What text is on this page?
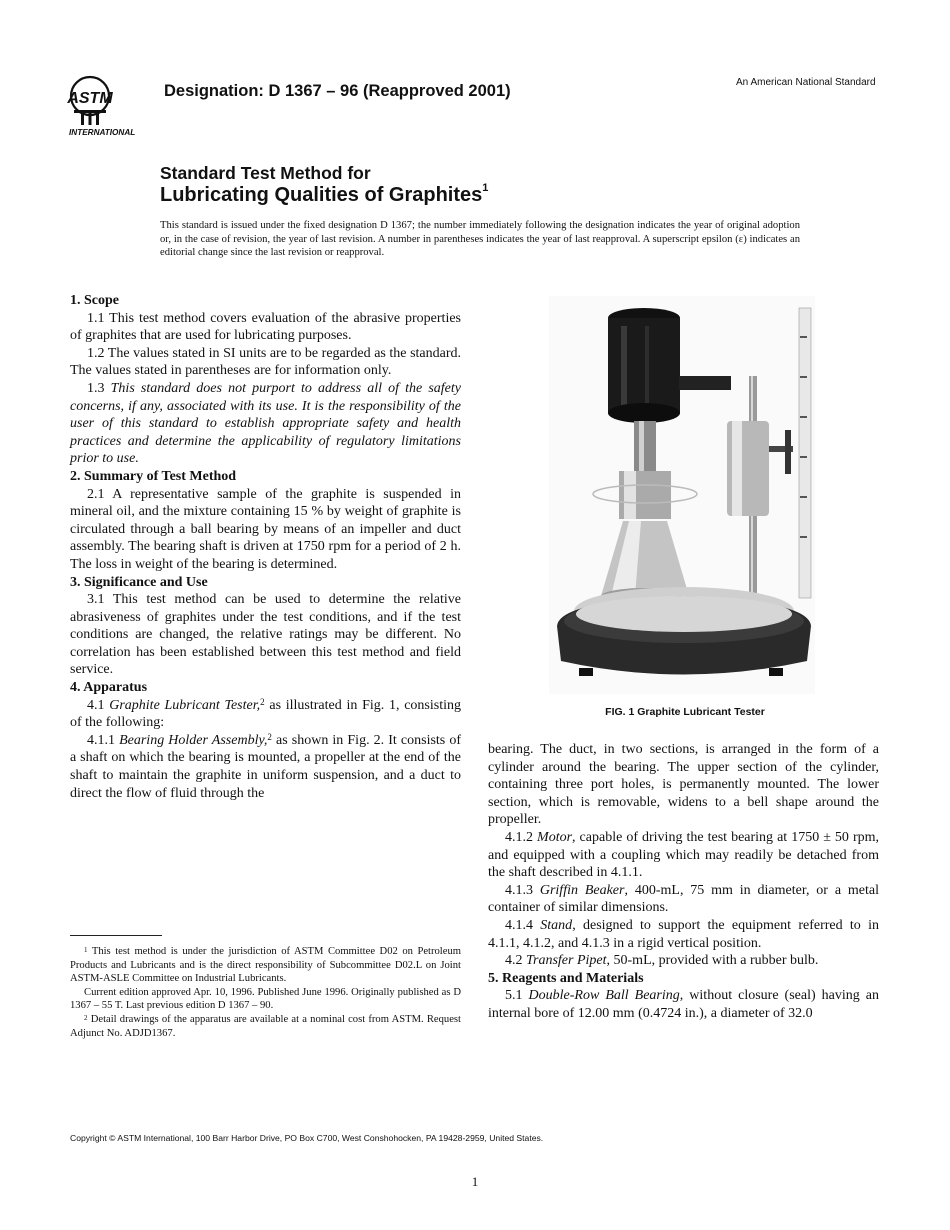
ASTM
INTERNATIONAL
Designation: D 1367 – 96 (Reapproved 2001)	An American National Standard
Standard Test Method for
Lubricating Qualities of Graphites$^1$
This standard is issued under the fixed designation D 1367; the number immediately following the designation indicates the year of original adoption or, in the case of revision, the year of last revision. A number in parentheses indicates the year of last reapproval. A superscript epsilon (ε) indicates an editorial change since the last revision or reapproval.
1. Scope

1.1 This test method covers evaluation of the abrasive properties of graphites that are used for lubricating purposes.

1.2 The values stated in SI units are to be regarded as the standard. The values stated in parentheses are for information only.

1.3 This standard does not purport to address all of the safety concerns, if any, associated with its use. It is the responsibility of the user of this standard to establish appropriate safety and health practices and determine the applicability of regulatory limitations prior to use.

2. Summary of Test Method

2.1 A representative sample of the graphite is suspended in mineral oil, and the mixture containing 15 % by weight of graphite is circulated through a ball bearing by means of an impeller and duct assembly. The bearing shaft is driven at 1750 rpm for a period of 2 h. The loss in weight of the bearing is determined.

3. Significance and Use

3.1 This test method can be used to determine the relative abrasiveness of graphites under the test conditions, and if the test conditions are changed, the relative ratings may be different. No correlation has been established between this test method and field service.

4. Apparatus

4.1 Graphite Lubricant Tester,$^2$ as illustrated in Fig. 1, consisting of the following:

4.1.1 Bearing Holder Assembly,$^2$ as shown in Fig. 2. It consists of a shaft on which the bearing is mounted, a propeller at the end of the shaft to maintain the graphite in uniform suspension, and a duct to direct the flow of fluid through the

FIG. 1 Graphite Lubricant Tester

bearing. The duct, in two sections, is arranged in the form of a cylinder around the bearing. The upper section of the cylinder, containing three port holes, is permanently mounted. The lower section, which is removable, widens to a bell shape around the propeller.

4.1.2 Motor, capable of driving the test bearing at 1750 ± 50 rpm, and equipped with a coupling which may readily be detached from the shaft described in 4.1.1.

4.1.3 Griffin Beaker, 400-mL, 75 mm in diameter, or a metal container of similar dimensions.

4.1.4 Stand, designed to support the equipment referred to in 4.1.1, 4.1.2, and 4.1.3 in a rigid vertical position.

4.2 Transfer Pipet, 50-mL, provided with a rubber bulb.

5. Reagents and Materials

5.1 Double-Row Ball Bearing, without closure (seal) having an internal bore of 12.00 mm (0.4724 in.), a diameter of 32.0

$^1$ This test method is under the jurisdiction of ASTM Committee D02 on Petroleum Products and Lubricants and is the direct responsibility of Subcommittee D02.L on Joint ASTM-ASLE Committee on Industrial Lubricants.

Current edition approved Apr. 10, 1996. Published June 1996. Originally published as D 1367 – 55 T. Last previous edition D 1367 – 90.

$^2$ Detail drawings of the apparatus are available at a nominal cost from ASTM. Request Adjunct No. ADJD1367.

Copyright © ASTM International, 100 Barr Harbor Drive, PO Box C700, West Conshohocken, PA 19428-2959, United States.
1
